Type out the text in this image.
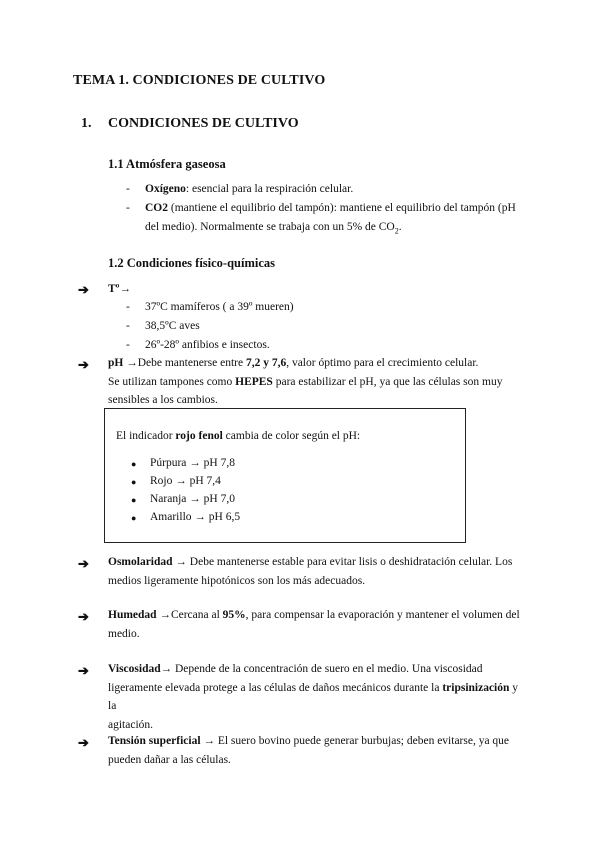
TEMA 1. CONDICIONES DE CULTIVO
1. CONDICIONES DE CULTIVO
1.1 Atmósfera gaseosa
- Oxígeno: esencial para la respiración celular.
- CO2 (mantiene el equilibrio del tampón): mantiene el equilibrio del tampón (pH
del medio). Normalmente se trabaja con un 5% de $CO_2$.
1.2 Condiciones físico-químicas
➔ Tº→
- 37ºC mamíferos ( a 39º mueren)
- 38,5ºC aves
- 26º-28º anfibios e insectos.
➔ pH →Debe mantenerse entre 7,2 y 7,6, valor óptimo para el crecimiento celular.
Se utilizan tampones como HEPES para estabilizar el pH, ya que las células son muy
sensibles a los cambios.
El indicador rojo fenol cambia de color según el pH:
● Púrpura → pH 7,8
● Rojo → pH 7,4
● Naranja → pH 7,0
● Amarillo → pH 6,5
➔ Osmolaridad → Debe mantenerse estable para evitar lisis o deshidratación celular. Los
medios ligeramente hipotónicos son los más adecuados.
➔ Humedad →Cercana al 95%, para compensar la evaporación y mantener el volumen del
medio.
➔ Viscosidad→ Depende de la concentración de suero en el medio. Una viscosidad
ligeramente elevada protege a las células de daños mecánicos durante la tripsinización y la
agitación.
➔ Tensión superficial → El suero bovino puede generar burbujas; deben evitarse, ya que
pueden dañar a las células.
